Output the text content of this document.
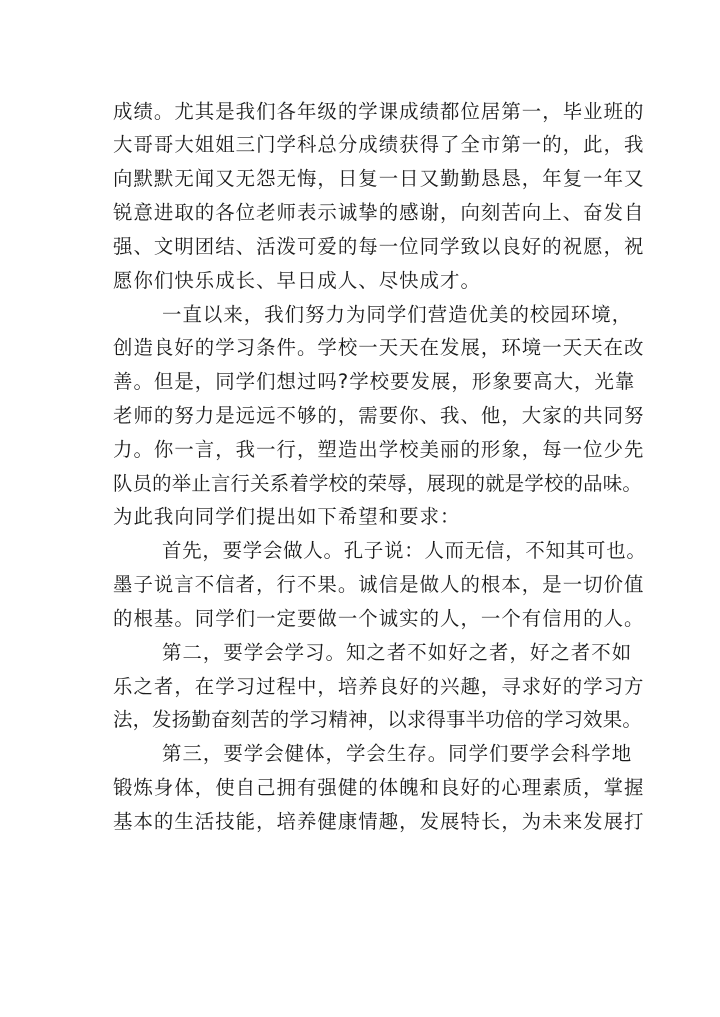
成绩。尤其是我们各年级的学课成绩都位居第一，毕业班的
大哥哥大姐姐三门学科总分成绩获得了全市第一的，此，我
向默默无闻又无怨无悔，日复一日又勤勤恳恳，年复一年又
锐意进取的各位老师表示诚挚的感谢，向刻苦向上、奋发自
强、文明团结、活泼可爱的每一位同学致以良好的祝愿，祝
愿你们快乐成长、早日成人、尽快成才。
一直以来，我们努力为同学们营造优美的校园环境，
创造良好的学习条件。学校一天天在发展，环境一天天在改
善。但是，同学们想过吗?学校要发展，形象要高大，光靠
老师的努力是远远不够的，需要你、我、他，大家的共同努
力。你一言，我一行，塑造出学校美丽的形象，每一位少先
队员的举止言行关系着学校的荣辱，展现的就是学校的品味。
为此我向同学们提出如下希望和要求：
首先，要学会做人。孔子说：人而无信，不知其可也。
墨子说言不信者，行不果。诚信是做人的根本，是一切价值
的根基。同学们一定要做一个诚实的人，一个有信用的人。
第二，要学会学习。知之者不如好之者，好之者不如
乐之者，在学习过程中，培养良好的兴趣，寻求好的学习方
法，发扬勤奋刻苦的学习精神，以求得事半功倍的学习效果。
第三，要学会健体，学会生存。同学们要学会科学地
锻炼身体，使自己拥有强健的体魄和良好的心理素质，掌握
基本的生活技能，培养健康情趣，发展特长，为未来发展打
